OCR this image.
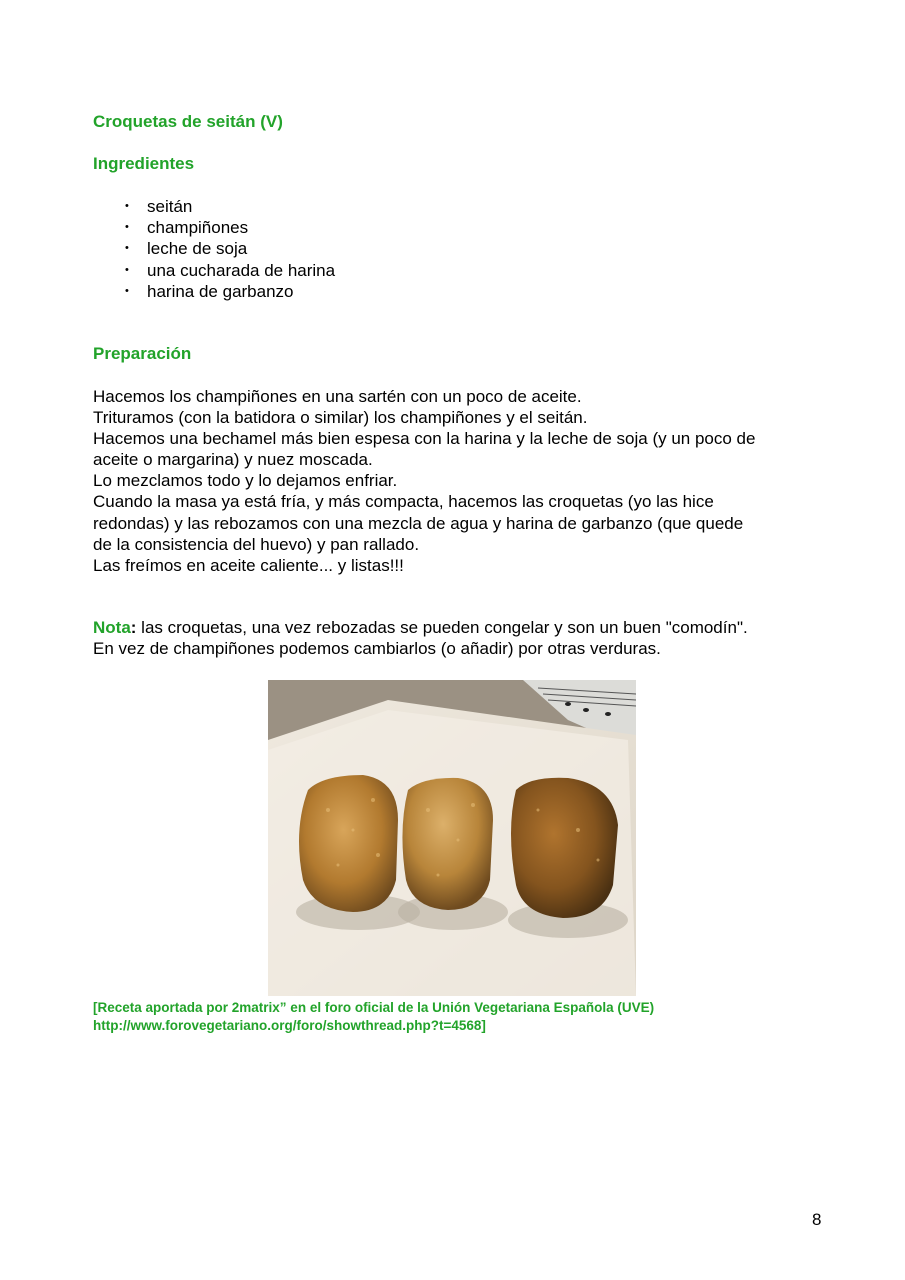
Croquetas de seitán (V)
Ingredientes
• seitán
• champiñones
• leche de soja
• una cucharada de harina
• harina de garbanzo
Preparación
Hacemos los champiñones en una sartén con un poco de aceite.
Trituramos (con la batidora o similar) los champiñones y el seitán.
Hacemos una bechamel más bien espesa con la harina y la leche de soja (y un poco de
aceite o margarina) y nuez moscada.
Lo mezclamos todo y lo dejamos enfriar.
Cuando la masa ya está fría, y más compacta, hacemos las croquetas (yo las hice
redondas) y las rebozamos con una mezcla de agua y harina de garbanzo (que quede
de la consistencia del huevo) y pan rallado.
Las freímos en aceite caliente... y listas!!!
Nota: las croquetas, una vez rebozadas se pueden congelar y son un buen "comodín".
En vez de champiñones podemos cambiarlos (o añadir) por otras verduras.
[Receta aportada por 2matrix” en el foro oficial de la Unión Vegetariana Española (UVE)
http://www.forovegetariano.org/foro/showthread.php?t=4568]
8
